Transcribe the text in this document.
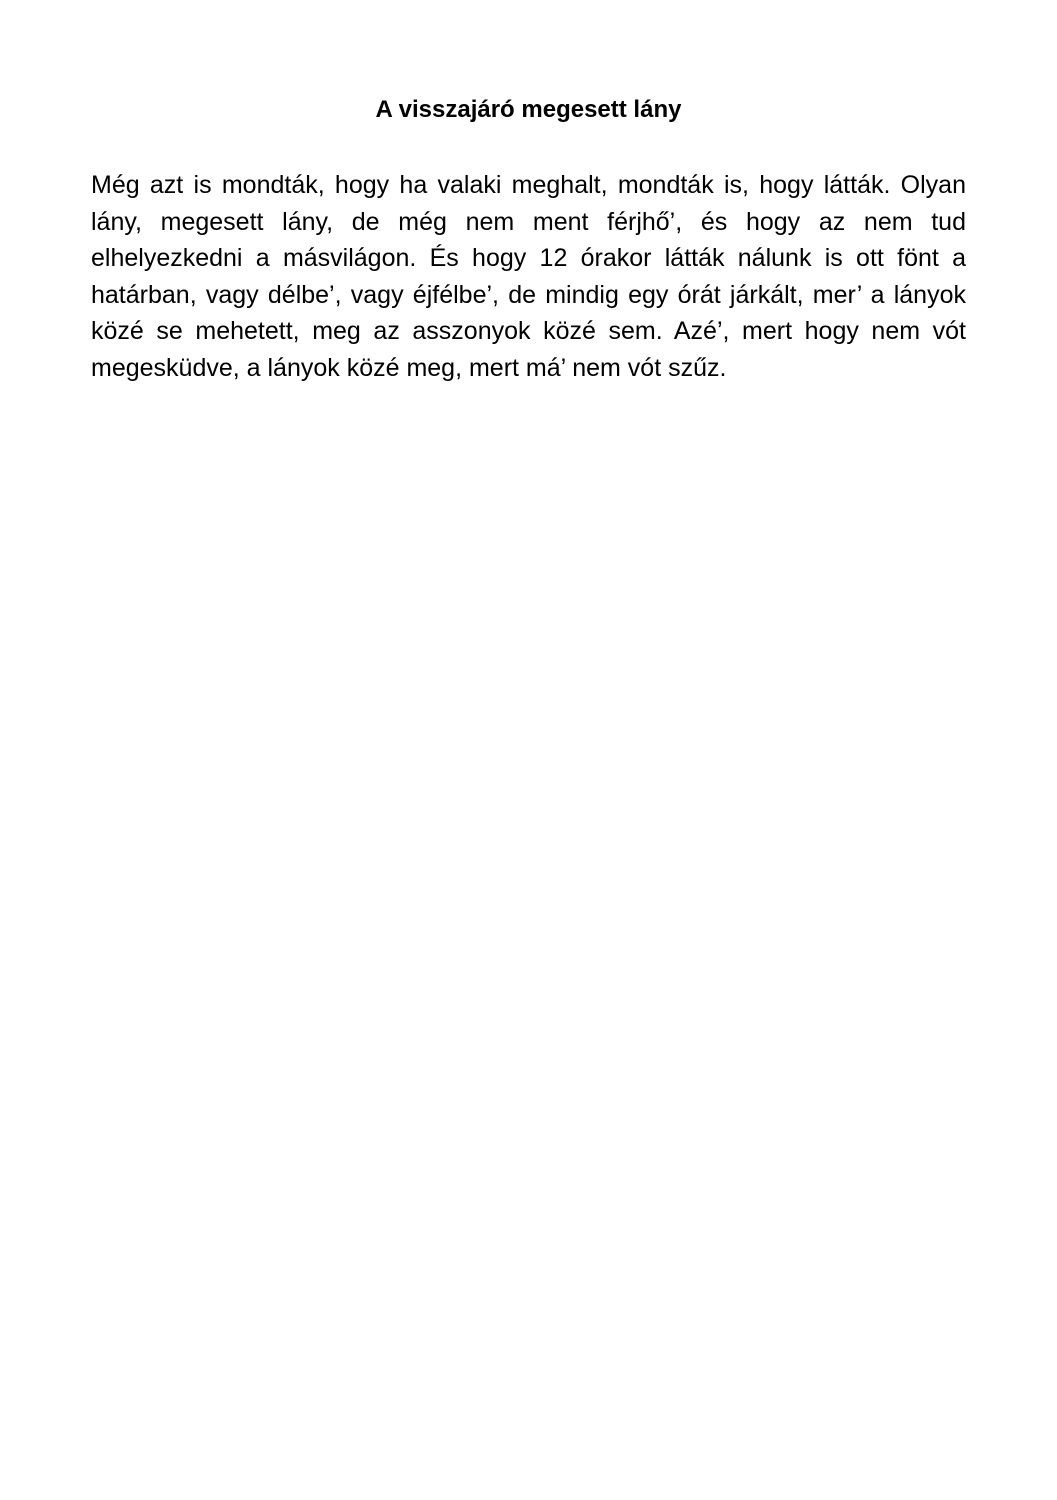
A visszajáró megesett lány

Még azt is mondták, hogy ha valaki meghalt, mondták is, hogy látták. Olyan lány, megesett lány, de még nem ment férjhő’, és hogy az nem tud elhelyezkedni a másvilágon. És hogy 12 órakor látták nálunk is ott fönt a határban, vagy délbe’, vagy éjfélbe’, de mindig egy órát járkált, mer’ a lányok közé se mehetett, meg az asszonyok közé sem. Azé’, mert hogy nem vót megesküdve, a lányok közé meg, mert má’ nem vót szűz.
